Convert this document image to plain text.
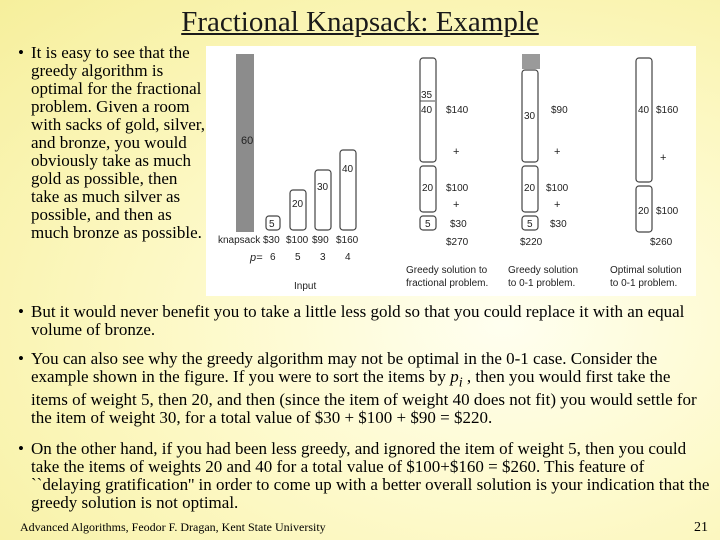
Fractional Knapsack: Example

• It is easy to see that the greedy algorithm is optimal for the fractional problem. Given a room with sacks of gold, silver, and bronze, you would obviously take as much gold as possible, then take as much silver as possible, and then as much bronze as possible.

60
knapsack
5
20
30
40
$30 $100 $90 $160
p= 6 5 3 4
Input
35
40 $140
+
20 $100
+
5 $30
$270
Greedy solution to
fractional problem.
30
$90
+
20 $100
+
5 $30
$220
Greedy solution
to 0-1 problem.
40 $160
+
20 $100
$260
Optimal solution
to 0-1 problem.

• But it would never benefit you to take a little less gold so that you could replace it with an equal volume of bronze.

• You can also see why the greedy algorithm may not be optimal in the 0-1 case. Consider the example shown in the figure. If you were to sort the items by $p_i$ , then you would first take the items of weight 5, then 20, and then (since the item of weight 40 does not fit) you would settle for the item of weight 30, for a total value of $30 + $100 + $90 = $220.

• On the other hand, if you had been less greedy, and ignored the item of weight 5, then you could take the items of weights 20 and 40 for a total value of $100+$160 = $260. This feature of ``delaying gratification'' in order to come up with a better overall solution is your indication that the greedy solution is not optimal.

Advanced Algorithms, Feodor F. Dragan, Kent State University	21
